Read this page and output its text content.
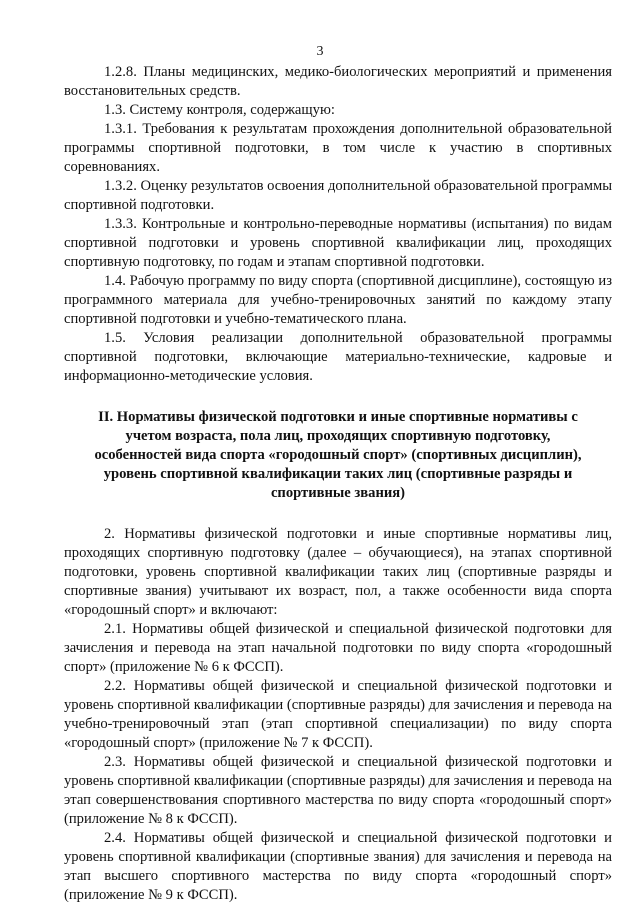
3

1.2.8. Планы медицинских, медико-биологических мероприятий и применения восстановительных средств.

1.3. Систему контроля, содержащую:

1.3.1. Требования к результатам прохождения дополнительной образовательной программы спортивной подготовки, в том числе к участию в спортивных соревнованиях.

1.3.2. Оценку результатов освоения дополнительной образовательной программы спортивной подготовки.

1.3.3. Контрольные и контрольно-переводные нормативы (испытания) по видам спортивной подготовки и уровень спортивной квалификации лиц, проходящих спортивную подготовку, по годам и этапам спортивной подготовки.

1.4. Рабочую программу по виду спорта (спортивной дисциплине), состоящую из программного материала для учебно-тренировочных занятий по каждому этапу спортивной подготовки и учебно-тематического плана.

1.5. Условия реализации дополнительной образовательной программы спортивной подготовки, включающие материально-технические, кадровые и информационно-методические условия.

II. Нормативы физической подготовки и иные спортивные нормативы с учетом возраста, пола лиц, проходящих спортивную подготовку, особенностей вида спорта «городошный спорт» (спортивных дисциплин), уровень спортивной квалификации таких лиц (спортивные разряды и спортивные звания)

2. Нормативы физической подготовки и иные спортивные нормативы лиц, проходящих спортивную подготовку (далее – обучающиеся), на этапах спортивной подготовки, уровень спортивной квалификации таких лиц (спортивные разряды и спортивные звания) учитывают их возраст, пол, а также особенности вида спорта «городошный спорт» и включают:

2.1. Нормативы общей физической и специальной физической подготовки для зачисления и перевода на этап начальной подготовки по виду спорта «городошный спорт» (приложение № 6 к ФССП).

2.2. Нормативы общей физической и специальной физической подготовки и уровень спортивной квалификации (спортивные разряды) для зачисления и перевода на учебно-тренировочный этап (этап спортивной специализации) по виду спорта «городошный спорт» (приложение № 7 к ФССП).

2.3. Нормативы общей физической и специальной физической подготовки и уровень спортивной квалификации (спортивные разряды) для зачисления и перевода на этап совершенствования спортивного мастерства по виду спорта «городошный спорт» (приложение № 8 к ФССП).

2.4. Нормативы общей физической и специальной физической подготовки и уровень спортивной квалификации (спортивные звания) для зачисления и перевода на этап высшего спортивного мастерства по виду спорта «городошный спорт» (приложение № 9 к ФССП).
